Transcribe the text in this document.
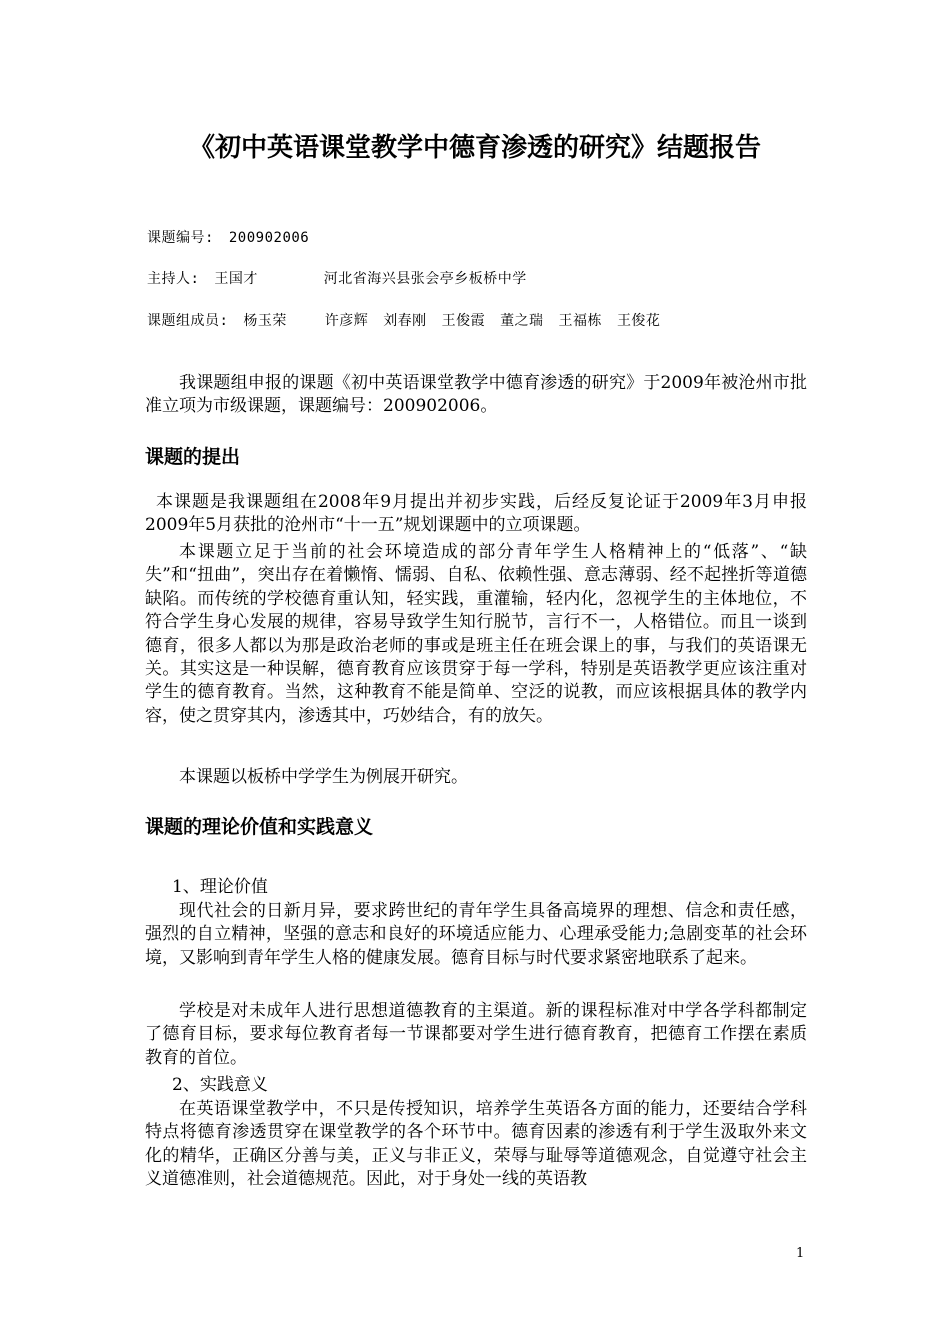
《初中英语课堂教学中德育渗透的研究》结题报告
课题编号: 200902006
主持人: 王国才	河北省海兴县张会亭乡板桥中学
课题组成员: 杨玉荣	许彦辉 刘春刚 王俊霞 董之瑞 王福栋 王俊花

我课题组申报的课题《初中英语课堂教学中德育渗透的研究》于2009年被沧州市批准立项为市级课题，课题编号：200902006。

课题的提出

本课题是我课题组在2008年9月提出并初步实践，后经反复论证于2009年3月申报2009年5月获批的沧州市“十一五”规划课题中的立项课题。

本课题立足于当前的社会环境造成的部分青年学生人格精神上的“低落”、“缺失”和“扭曲”，突出存在着懒惰、懦弱、自私、依赖性强、意志薄弱、经不起挫折等道德缺陷。而传统的学校德育重认知，轻实践，重灌输，轻内化，忽视学生的主体地位，不符合学生身心发展的规律，容易导致学生知行脱节，言行不一，人格错位。而且一谈到德育，很多人都以为那是政治老师的事或是班主任在班会课上的事，与我们的英语课无关。其实这是一种误解，德育教育应该贯穿于每一学科，特别是英语教学更应该注重对学生的德育教育。当然，这种教育不能是简单、空泛的说教，而应该根据具体的教学内容，使之贯穿其内，渗透其中，巧妙结合，有的放矢。

本课题以板桥中学学生为例展开研究。

课题的理论价值和实践意义
1、理论价值

现代社会的日新月异，要求跨世纪的青年学生具备高境界的理想、信念和责任感，强烈的自立精神，坚强的意志和良好的环境适应能力、心理承受能力;急剧变革的社会环境，又影响到青年学生人格的健康发展。德育目标与时代要求紧密地联系了起来。

学校是对未成年人进行思想道德教育的主渠道。新的课程标准对中学各学科都制定了德育目标，要求每位教育者每一节课都要对学生进行德育教育，把德育工作摆在素质教育的首位。

2、实践意义

在英语课堂教学中，不只是传授知识，培养学生英语各方面的能力，还要结合学科特点将德育渗透贯穿在课堂教学的各个环节中。德育因素的渗透有利于学生汲取外来文化的精华，正确区分善与美，正义与非正义，荣辱与耻辱等道德观念，自觉遵守社会主义道德准则，社会道德规范。因此，对于身处一线的英语教

1
